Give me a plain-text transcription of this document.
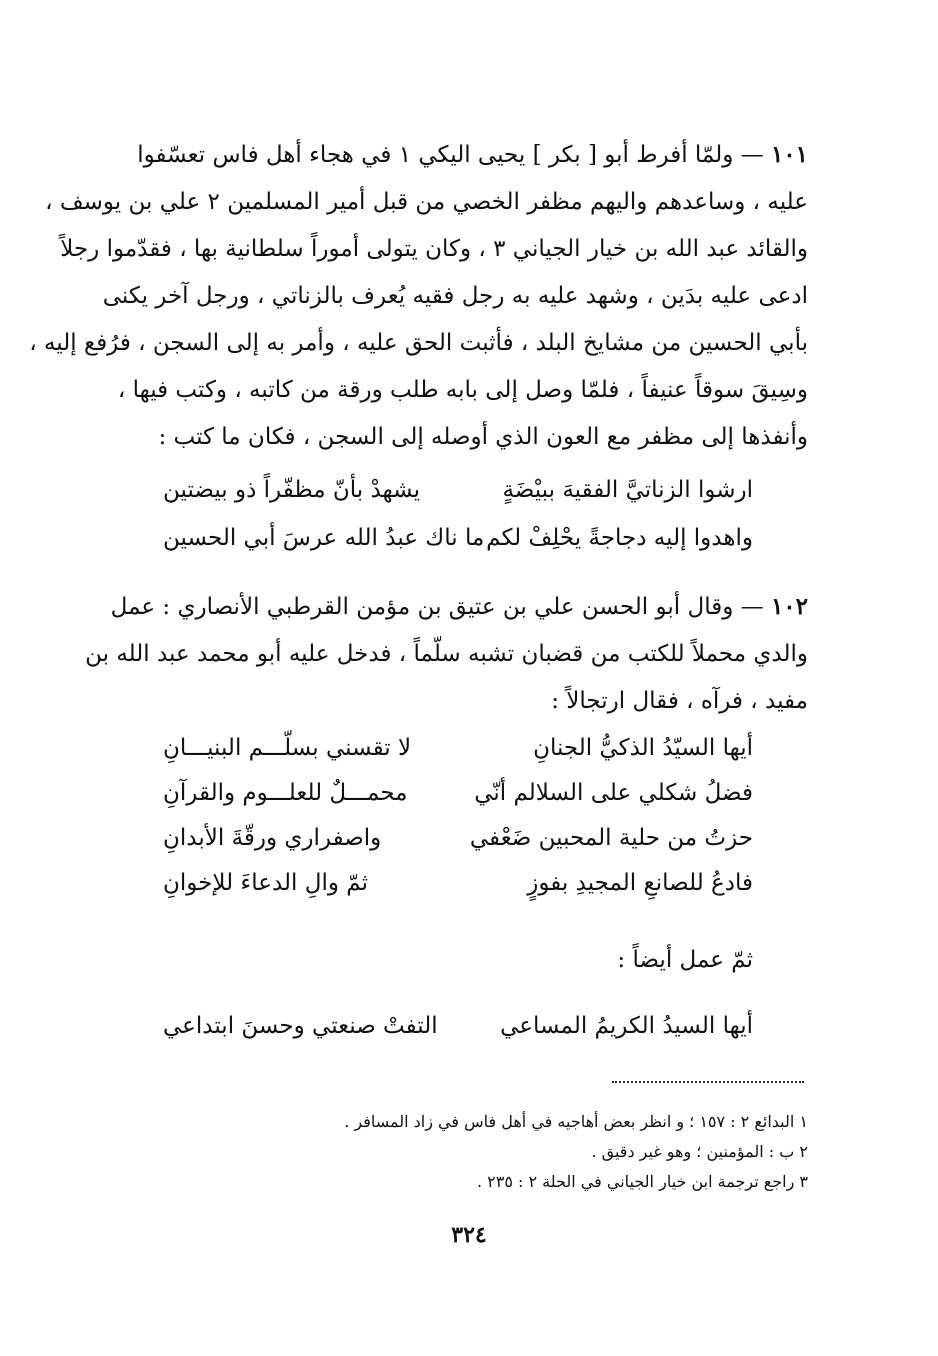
١٠١ — ولمّا أفرط أبو [ بكر ] يحيى اليكي ١ في هجاء أهل فاس تعسّفوا
عليه ، وساعدهم واليهم مظفر الخصي من قبل أمير المسلمين ٢ علي بن يوسف ،
والقائد عبد الله بن خيار الجياني ٣ ، وكان يتولى أموراً سلطانية بها ، فقدّموا رجلاً
ادعى عليه بدَين ، وشهد عليه به رجل فقيه يُعرف بالزناتي ، ورجل آخر يكنى
بأبي الحسين من مشايخ البلد ، فأثبت الحق عليه ، وأمر به إلى السجن ، فرُفع إليه ،
وسِيقَ سوقاً عنيفاً ، فلمّا وصل إلى بابه طلب ورقة من كاتبه ، وكتب فيها ،
وأنفذها إلى مظفر مع العون الذي أوصله إلى السجن ، فكان ما كتب :
ارشوا الزناتيَّ الفقيهَ ببيْضَةٍ
يشهدْ بأنّ مظفّراً ذو بيضتين
واهدوا إليه دجاجةً يحْلِفْ لكم
ما ناك عبدُ الله عرسَ أبي الحسين
١٠٢ — وقال أبو الحسن علي بن عتيق بن مؤمن القرطبي الأنصاري : عمل
والدي محملاً للكتب من قضبان تشبه سلّماً ، فدخل عليه أبو محمد عبد الله بن
مفيد ، فرآه ، فقال ارتجالاً :
أيها السيّدُ الذكيُّ الجنانِ
لا تقسني بسلّـــم البنيـــانِ
فضلُ شكلي على السلالم أنّي
محمـــلٌ للعلـــوم والقرآنِ
حزتُ من حلية المحبين ضَعْفي
واصفراري ورقّةَ الأبدانِ
فادعُ للصانعِ المجيدِ بفوزٍ
ثمّ والِ الدعاءَ للإخوانِ
ثمّ عمل أيضاً :
أيها السيدُ الكريمُ المساعي
التفتْ صنعتي وحسنَ ابتداعي
١ البدائع ٢ : ١٥٧ ؛ و انظر بعض أهاجيه في أهل فاس في زاد المسافر .
٢ ب : المؤمنين ؛ وهو غير دقيق .
٣ راجع ترجمة ابن خيار الجياني في الحلة ٢ : ٢٣٥ .
٣٢٤
